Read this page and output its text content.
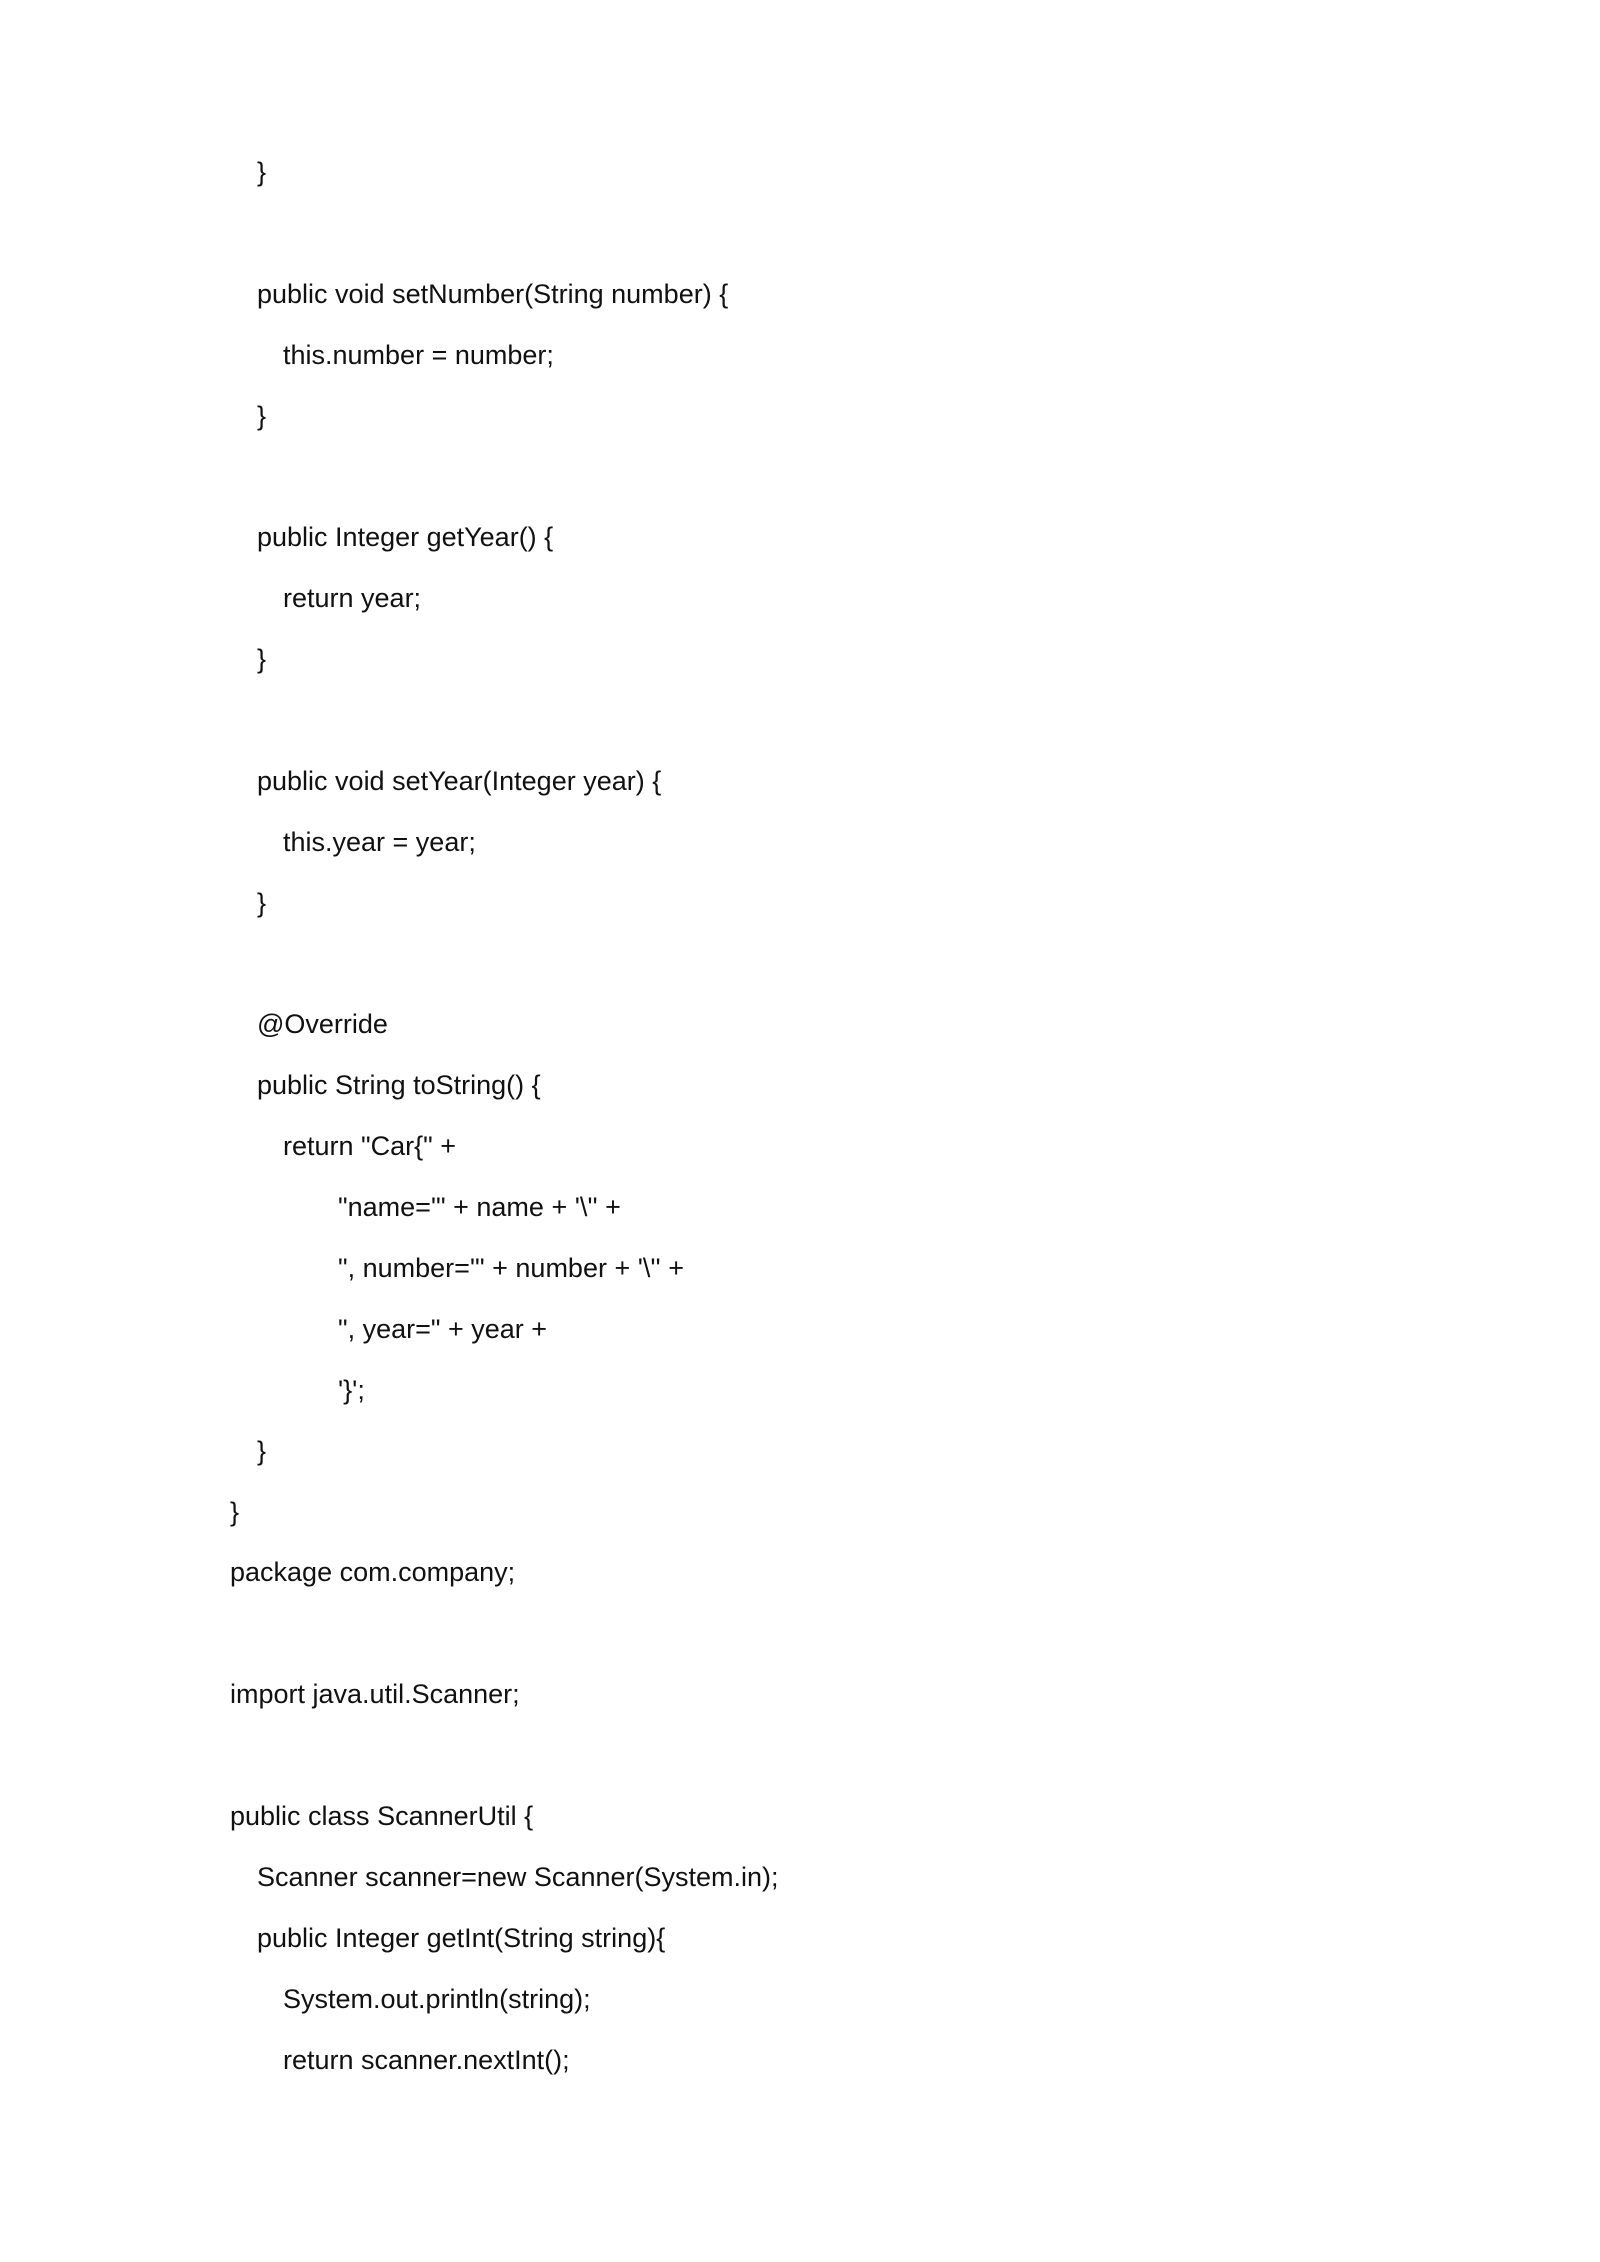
}
public void setNumber(String number) {
this.number = number;
}
public Integer getYear() {
return year;
}
public void setYear(Integer year) {
this.year = year;
}
@Override
public String toString() {
return "Car{" +
"name='" + name + '\'' +
", number='" + number + '\'' +
", year=" + year +
'}';
}
}
package com.company;
import java.util.Scanner;
public class ScannerUtil {
Scanner scanner=new Scanner(System.in);
public Integer getInt(String string){
System.out.println(string);
return scanner.nextInt();
